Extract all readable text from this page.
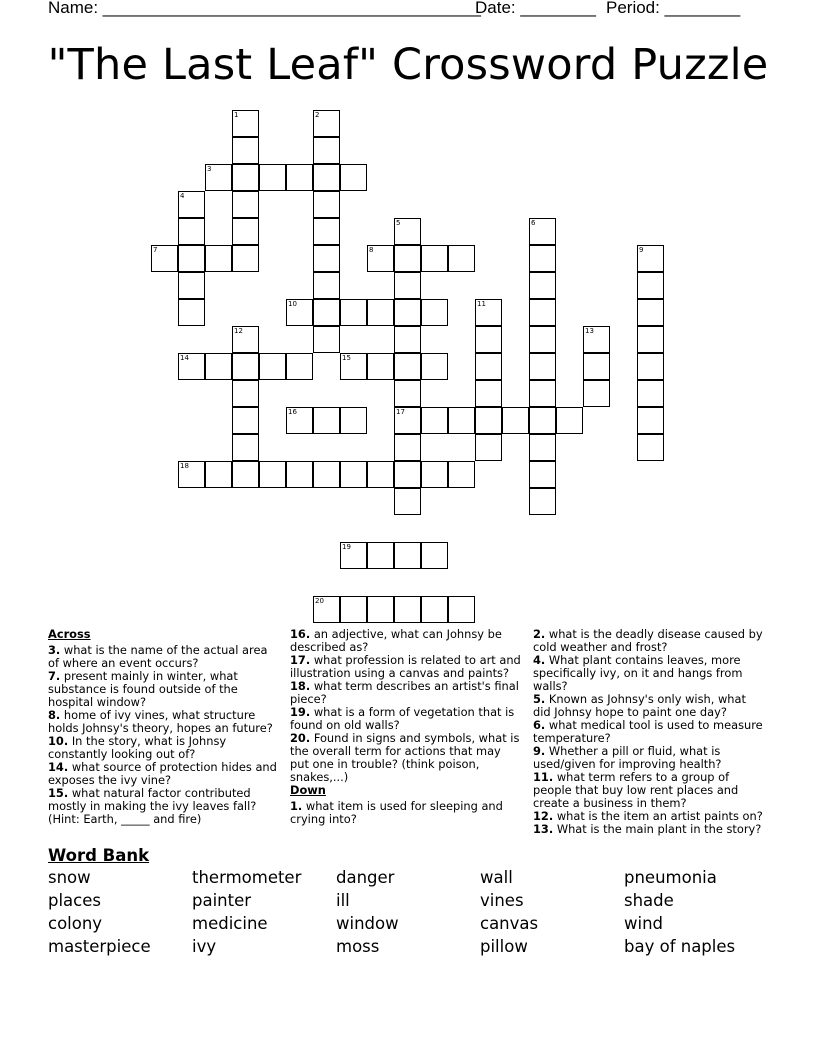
Name: ________________________________________

Date: ________

Period: ________

"The Last Leaf" Crossword Puzzle
1	2
4
5	6
9
11
12	13
3
7	8
10
14	15
16	17
18
19
20
Across

3. what is the name of the actual area of where an event occurs?

7. present mainly in winter, what substance is found outside of the hospital window?

8. home of ivy vines, what structure holds Johnsy's theory, hopes an future?

10. In the story, what is Johnsy constantly looking out of?

14. what source of protection hides and exposes the ivy vine?

15. what natural factor contributed mostly in making the ivy leaves fall? (Hint: Earth, _____ and fire)

16. an adjective, what can Johnsy be described as?

17. what profession is related to art and illustration using a canvas and paints?

18. what term describes an artist's final piece?

19. what is a form of vegetation that is found on old walls?

20. Found in signs and symbols, what is the overall term for actions that may put one in trouble? (think poison, snakes,...)

Down

1. what item is used for sleeping and crying into?

2. what is the deadly disease caused by cold weather and frost?

4. What plant contains leaves, more specifically ivy, on it and hangs from walls?

5. Known as Johnsy's only wish, what did Johnsy hope to paint one day?

6. what medical tool is used to measure temperature?

9. Whether a pill or fluid, what is used/given for improving health?

11. what term refers to a group of people that buy low rent places and create a business in them?

12. what is the item an artist paints on?

13. What is the main plant in the story?

Word Bank
snow	thermometer	danger	wall	pneumonia
places	painter	ill	vines	shade
colony	medicine	window	canvas	wind
masterpiece	ivy	moss	pillow	bay of naples
